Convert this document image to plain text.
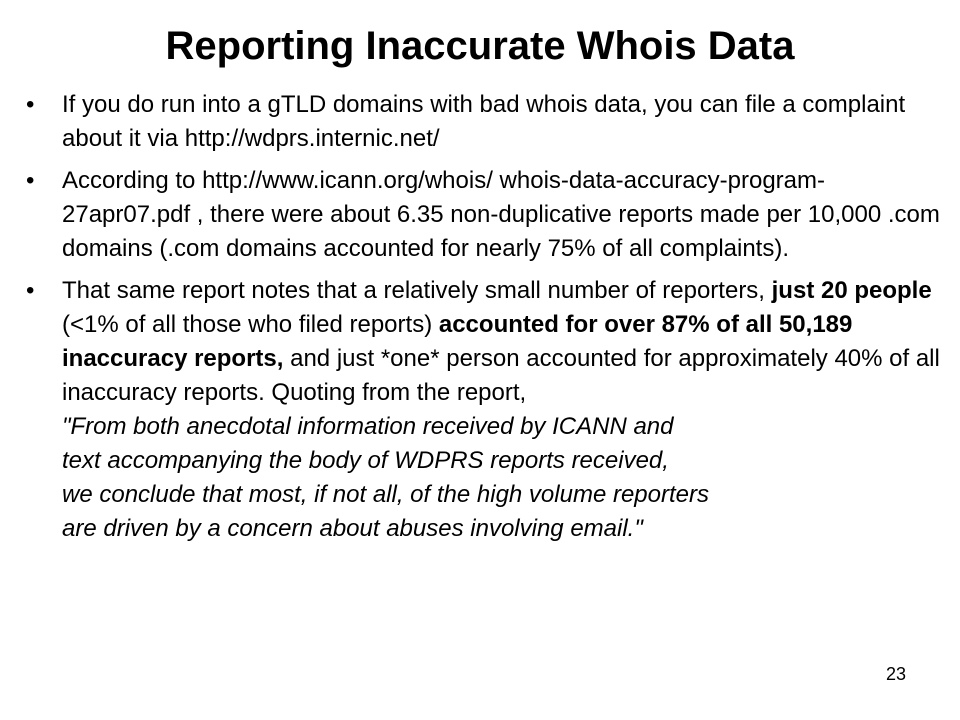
Reporting Inaccurate Whois Data
• If you do run into a gTLD domains with bad whois data, you can file a complaint about it via http://wdprs.internic.net/
• According to http://www.icann.org/whois/ whois-data-accuracy-program-27apr07.pdf , there were about 6.35 non-duplicative reports made per 10,000 .com domains (.com domains accounted for nearly 75% of all complaints).
• That same report notes that a relatively small number of reporters, just 20 people (<1% of all those who filed reports) accounted for over 87% of all 50,189 inaccuracy reports, and just *one* person accounted for approximately 40% of all inaccuracy reports. Quoting from the report,
"From both anecdotal information received by ICANN and
text accompanying the body of WDPRS reports received,
we conclude that most, if not all, of the high volume reporters
are driven by a concern about abuses involving email."
23
